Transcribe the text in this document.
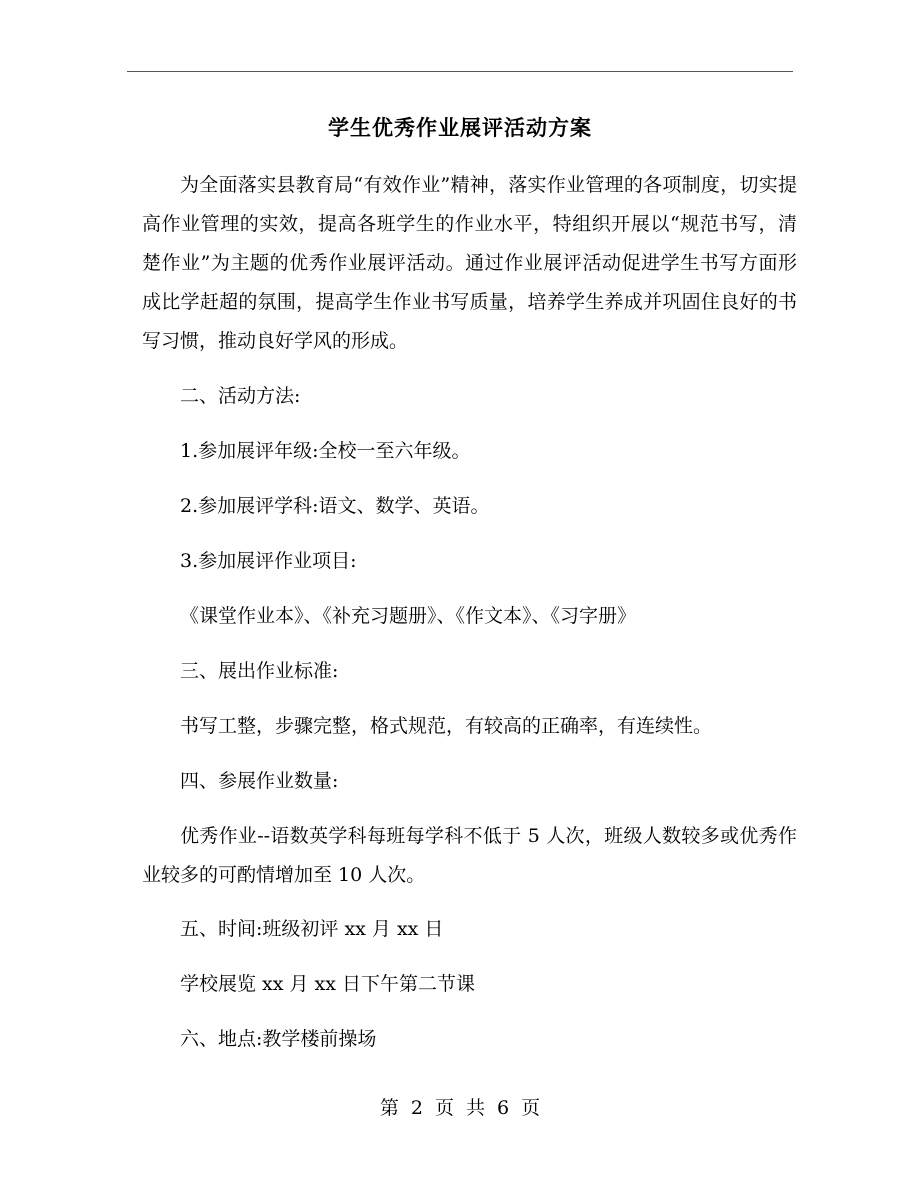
学生优秀作业展评活动方案

为全面落实县教育局“有效作业”精神，落实作业管理的各项制度，切实提高作业管理的实效，提高各班学生的作业水平，特组织开展以“规范书写，清楚作业”为主题的优秀作业展评活动。通过作业展评活动促进学生书写方面形成比学赶超的氛围，提高学生作业书写质量，培养学生养成并巩固住良好的书写习惯，推动良好学风的形成。

二、活动方法:

1.参加展评年级:全校一至六年级。

2.参加展评学科:语文、数学、英语。

3.参加展评作业项目:

《课堂作业本》、《补充习题册》、《作文本》、《习字册》

三、展出作业标准:

书写工整，步骤完整，格式规范，有较高的正确率，有连续性。

四、参展作业数量:

优秀作业--语数英学科每班每学科不低于 5 人次，班级人数较多或优秀作业较多的可酌情增加至 10 人次。

五、时间:班级初评 xx 月 xx 日

学校展览 xx 月 xx 日下午第二节课

六、地点:教学楼前操场

第 2 页 共 6 页
